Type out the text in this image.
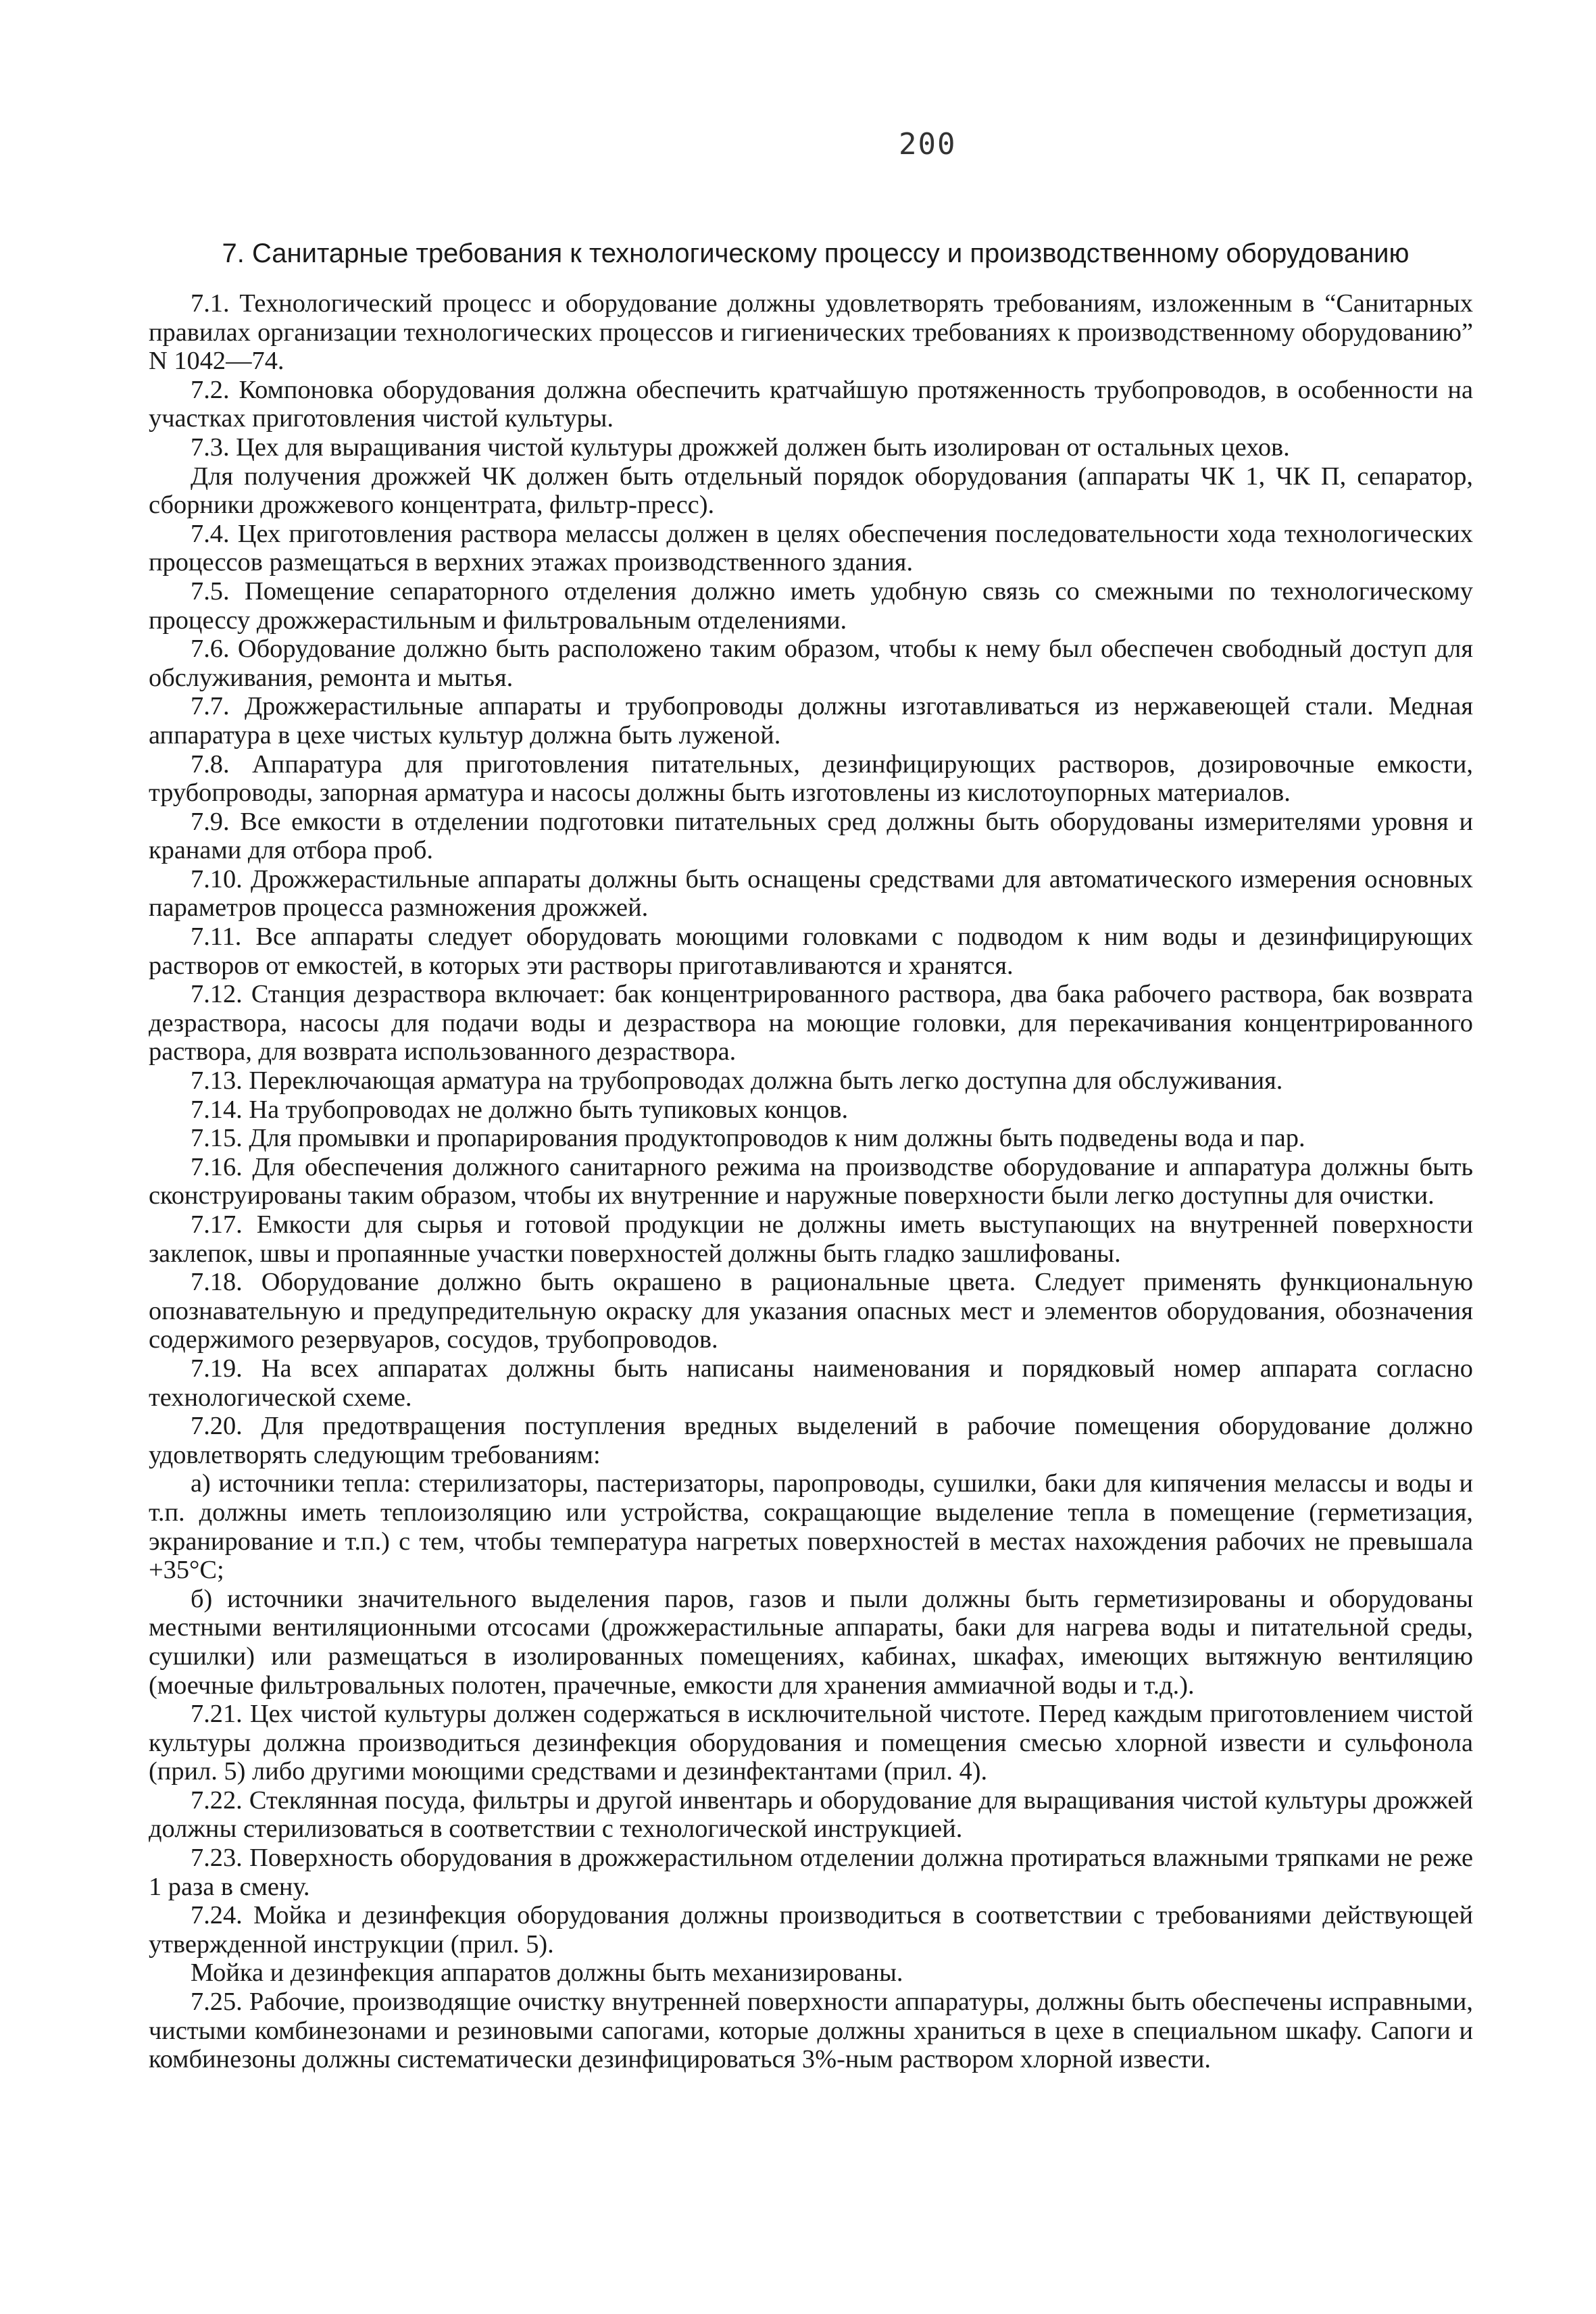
200
7. Санитарные требования к технологическому процессу и производственному оборудованию

7.1. Технологический процесс и оборудование должны удовлетворять требованиям, изложенным в “Санитарных правилах организации технологических процессов и гигиенических требованиях к производственному оборудованию” N 1042—74.

7.2. Компоновка оборудования должна обеспечить кратчайшую протяженность трубопроводов, в особенности на участках приготовления чистой культуры.

7.3. Цех для выращивания чистой культуры дрожжей должен быть изолирован от остальных цехов.

Для получения дрожжей ЧК должен быть отдельный порядок оборудования (аппараты ЧК 1, ЧК П, сепаратор, сборники дрожжевого концентрата, фильтр-пресс).

7.4. Цех приготовления раствора мелассы должен в целях обеспечения последовательности хода технологических процессов размещаться в верхних этажах производственного здания.

7.5. Помещение сепараторного отделения должно иметь удобную связь со смежными по технологическому процессу дрожжерастильным и фильтровальным отделениями.

7.6. Оборудование должно быть расположено таким образом, чтобы к нему был обеспечен свободный доступ для обслуживания, ремонта и мытья.

7.7. Дрожжерастильные аппараты и трубопроводы должны изготавливаться из нержавеющей стали. Медная аппаратура в цехе чистых культур должна быть луженой.

7.8. Аппаратура для приготовления питательных, дезинфицирующих растворов, дозировочные емкости, трубопроводы, запорная арматура и насосы должны быть изготовлены из кислотоупорных материалов.

7.9. Все емкости в отделении подготовки питательных сред должны быть оборудованы измерителями уровня и кранами для отбора проб.

7.10. Дрожжерастильные аппараты должны быть оснащены средствами для автоматического измерения основных параметров процесса размножения дрожжей.

7.11. Все аппараты следует оборудовать моющими головками с подводом к ним воды и дезинфицирующих растворов от емкостей, в которых эти растворы приготавливаются и хранятся.

7.12. Станция дезраствора включает: бак концентрированного раствора, два бака рабочего раствора, бак возврата дезраствора, насосы для подачи воды и дезраствора на моющие головки, для перекачивания концентрированного раствора, для возврата использованного дезраствора.

7.13. Переключающая арматура на трубопроводах должна быть легко доступна для обслуживания.

7.14. На трубопроводах не должно быть тупиковых концов.

7.15. Для промывки и пропарирования продуктопроводов к ним должны быть подведены вода и пар.

7.16. Для обеспечения должного санитарного режима на производстве оборудование и аппаратура должны быть сконструированы таким образом, чтобы их внутренние и наружные поверхности были легко доступны для очистки.

7.17. Емкости для сырья и готовой продукции не должны иметь выступающих на внутренней поверхности заклепок, швы и пропаянные участки поверхностей должны быть гладко зашлифованы.

7.18. Оборудование должно быть окрашено в рациональные цвета. Следует применять функциональную опознавательную и предупредительную окраску для указания опасных мест и элементов оборудования, обозначения содержимого резервуаров, сосудов, трубопроводов.

7.19. На всех аппаратах должны быть написаны наименования и порядковый номер аппарата согласно технологической схеме.

7.20. Для предотвращения поступления вредных выделений в рабочие помещения оборудование должно удовлетворять следующим требованиям:

а) источники тепла: стерилизаторы, пастеризаторы, паропроводы, сушилки, баки для кипячения мелассы и воды и т.п. должны иметь теплоизоляцию или устройства, сокращающие выделение тепла в помещение (герметизация, экранирование и т.п.) с тем, чтобы температура нагретых поверхностей в местах нахождения рабочих не превышала +35°С;

б) источники значительного выделения паров, газов и пыли должны быть герметизированы и оборудованы местными вентиляционными отсосами (дрожжерастильные аппараты, баки для нагрева воды и питательной среды, сушилки) или размещаться в изолированных помещениях, кабинах, шкафах, имеющих вытяжную вентиляцию (моечные фильтровальных полотен, прачечные, емкости для хранения аммиачной воды и т.д.).

7.21. Цех чистой культуры должен содержаться в исключительной чистоте. Перед каждым приготовлением чистой культуры должна производиться дезинфекция оборудования и помещения смесью хлорной извести и сульфонола (прил. 5) либо другими моющими средствами и дезинфектантами (прил. 4).

7.22. Стеклянная посуда, фильтры и другой инвентарь и оборудование для выращивания чистой культуры дрожжей должны стерилизоваться в соответствии с технологической инструкцией.

7.23. Поверхность оборудования в дрожжерастильном отделении должна протираться влажными тряпками не реже 1 раза в смену.

7.24. Мойка и дезинфекция оборудования должны производиться в соответствии с требованиями действующей утвержденной инструкции (прил. 5).

Мойка и дезинфекция аппаратов должны быть механизированы.

7.25. Рабочие, производящие очистку внутренней поверхности аппаратуры, должны быть обеспечены исправными, чистыми комбинезонами и резиновыми сапогами, которые должны храниться в цехе в специальном шкафу. Сапоги и комбинезоны должны систематически дезинфицироваться 3%-ным раствором хлорной извести.
